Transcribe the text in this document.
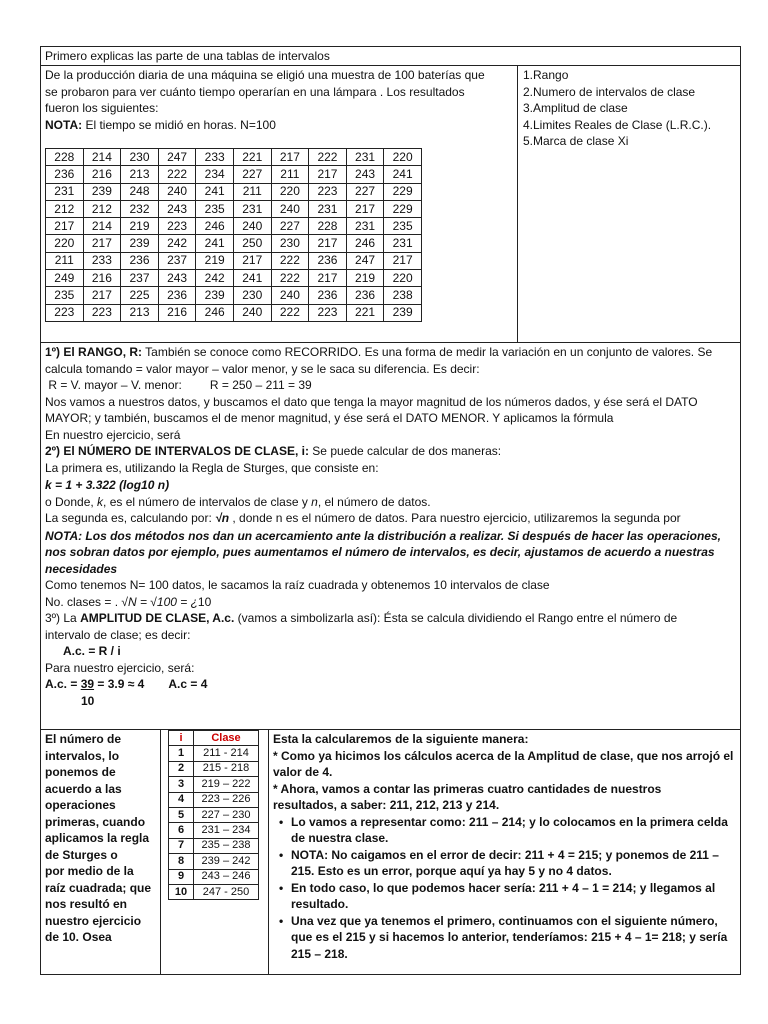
Primero explicas las parte de una tablas de intervalos

De la producción diaria de una máquina se eligió una muestra de 100 baterías que

se probaron para ver cuánto tiempo operarían en una lámpara . Los resultados

fueron los siguientes:

NOTA: El tiempo se midió en horas. N=100

228	214	230	247	233	221	217	222	231	220
236	216	213	222	234	227	211	217	243	241
231	239	248	240	241	211	220	223	227	229
212	212	232	243	235	231	240	231	217	229
217	214	219	223	246	240	227	228	231	235
220	217	239	242	241	250	230	217	246	231
211	233	236	237	219	217	222	236	247	217
249	216	237	243	242	241	222	217	219	220
235	217	225	236	239	230	240	236	236	238
223	223	213	216	246	240	222	223	221	239

1.Rango

2.Numero de intervalos de clase

3.Amplitud de clase

4.Limites Reales de Clase (L.R.C.).

5.Marca de clase Xi

1º) El RANGO, R: También se conoce como RECORRIDO. Es una forma de medir la variación en un conjunto de valores. Se

calcula tomando = valor mayor – valor menor, y se le saca su diferencia. Es decir:

R = V. mayor – V. menor: R = 250 – 211 = 39

Nos vamos a nuestros datos, y buscamos el dato que tenga la mayor magnitud de los números dados, y ése será el DATO

MAYOR; y también, buscamos el de menor magnitud, y ése será el DATO MENOR. Y aplicamos la fórmula

En nuestro ejercicio, será

2º) El NÚMERO DE INTERVALOS DE CLASE, i: Se puede calcular de dos maneras:

La primera es, utilizando la Regla de Sturges, que consiste en:

k = 1 + 3.322 (log10 n)

o Donde, k, es el número de intervalos de clase y n, el número de datos.

La segunda es, calculando por: √n , donde n es el número de datos. Para nuestro ejercicio, utilizaremos la segunda por

NOTA: Los dos métodos nos dan un acercamiento ante la distribución a realizar. Si después de hacer las operaciones,

nos sobran datos por ejemplo, pues aumentamos el número de intervalos, es decir, ajustamos de acuerdo a nuestras

necesidades

Como tenemos N= 100 datos, le sacamos la raíz cuadrada y obtenemos 10 intervalos de clase

No. clases = . √N = √100 = ¿10

3º) La AMPLITUD DE CLASE, A.c. (vamos a simbolizarla así): Ésta se calcula dividiendo el Rango entre el número de

intervalo de clase; es decir:

A.c. = R / i

Para nuestro ejercicio, será:

A.c. = 39 = 3.9 ≈ 4 A.c = 4

10

El número de

intervalos, lo

ponemos de

acuerdo a las

operaciones

primeras, cuando

aplicamos la regla

de Sturges o

por medio de la

raíz cuadrada; que

nos resultó en

nuestro ejercicio

de 10. Osea

i	Clase
1	211 - 214
2	215 - 218
3	219 – 222
4	223 – 226
5	227 – 230
6	231 – 234
7	235 – 238
8	239 – 242
9	243 – 246
10	247 - 250

Esta la calcularemos de la siguiente manera:

* Como ya hicimos los cálculos acerca de la Amplitud de clase, que nos arrojó el

valor de 4.

* Ahora, vamos a contar las primeras cuatro cantidades de nuestros

resultados, a saber: 211, 212, 213 y 214.

• Lo vamos a representar como: 211 – 214; y lo colocamos en la primera celda

de nuestra clase.

• NOTA: No caigamos en el error de decir: 211 + 4 = 215; y ponemos de 211 –

215. Esto es un error, porque aquí ya hay 5 y no 4 datos.

• En todo caso, lo que podemos hacer sería: 211 + 4 – 1 = 214; y llegamos al

resultado.

• Una vez que ya tenemos el primero, continuamos con el siguiente número,

que es el 215 y si hacemos lo anterior, tenderíamos: 215 + 4 – 1= 218; y sería

215 – 218.
